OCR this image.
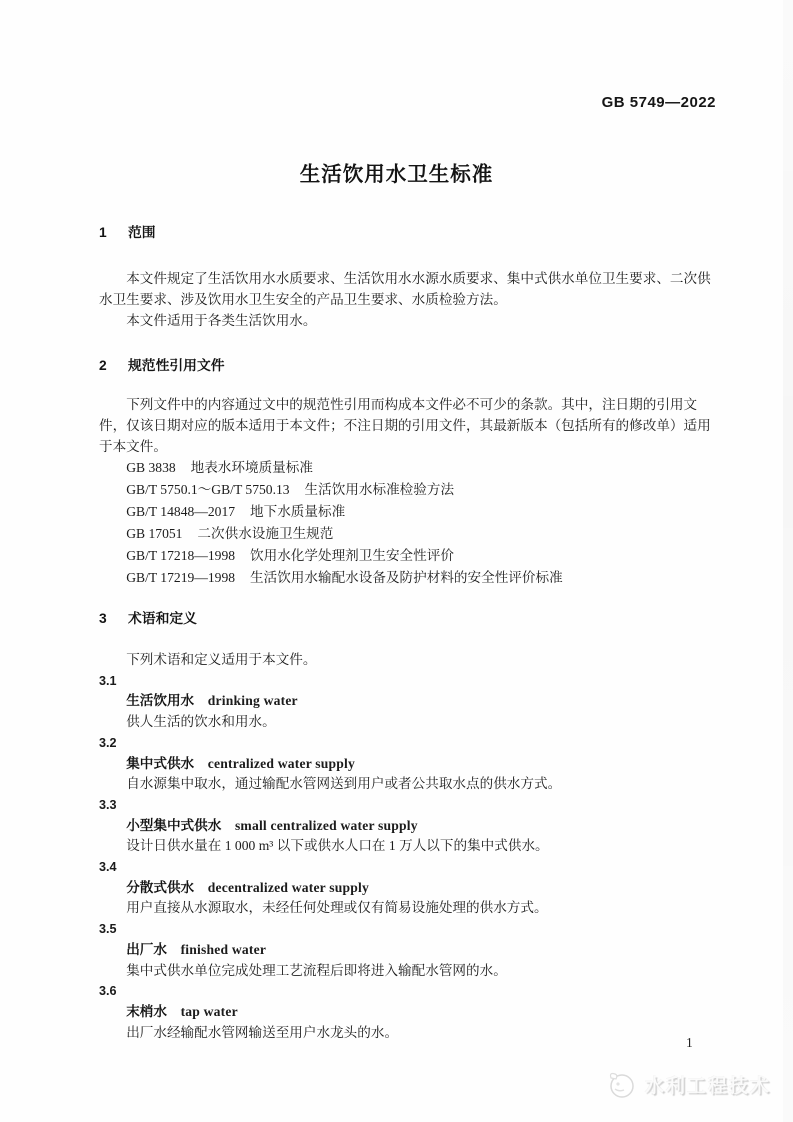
GB 5749—2022
生活饮用水卫生标准

1 范围

本文件规定了生活饮用水水质要求、生活饮用水水源水质要求、集中式供水单位卫生要求、二次供水卫生要求、涉及饮用水卫生安全的产品卫生要求、水质检验方法。

本文件适用于各类生活饮用水。

2 规范性引用文件

下列文件中的内容通过文中的规范性引用而构成本文件必不可少的条款。其中，注日期的引用文件，仅该日期对应的版本适用于本文件；不注日期的引用文件，其最新版本（包括所有的修改单）适用于本文件。

GB 3838 地表水环境质量标准
GB/T 5750.1～GB/T 5750.13 生活饮用水标准检验方法
GB/T 14848—2017 地下水质量标准
GB 17051 二次供水设施卫生规范
GB/T 17218—1998 饮用水化学处理剂卫生安全性评价
GB/T 17219—1998 生活饮用水输配水设备及防护材料的安全性评价标准

3 术语和定义

下列术语和定义适用于本文件。

3.1
生活饮用水 drinking water
供人生活的饮水和用水。
3.2
集中式供水 centralized water supply
自水源集中取水，通过输配水管网送到用户或者公共取水点的供水方式。
3.3
小型集中式供水 small centralized water supply
设计日供水量在 1 000 m³ 以下或供水人口在 1 万人以下的集中式供水。
3.4
分散式供水 decentralized water supply
用户直接从水源取水，未经任何处理或仅有简易设施处理的供水方式。
3.5
出厂水 finished water
集中式供水单位完成处理工艺流程后即将进入输配水管网的水。
3.6
末梢水 tap water
出厂水经输配水管网输送至用户水龙头的水。
1
水利工程技术
